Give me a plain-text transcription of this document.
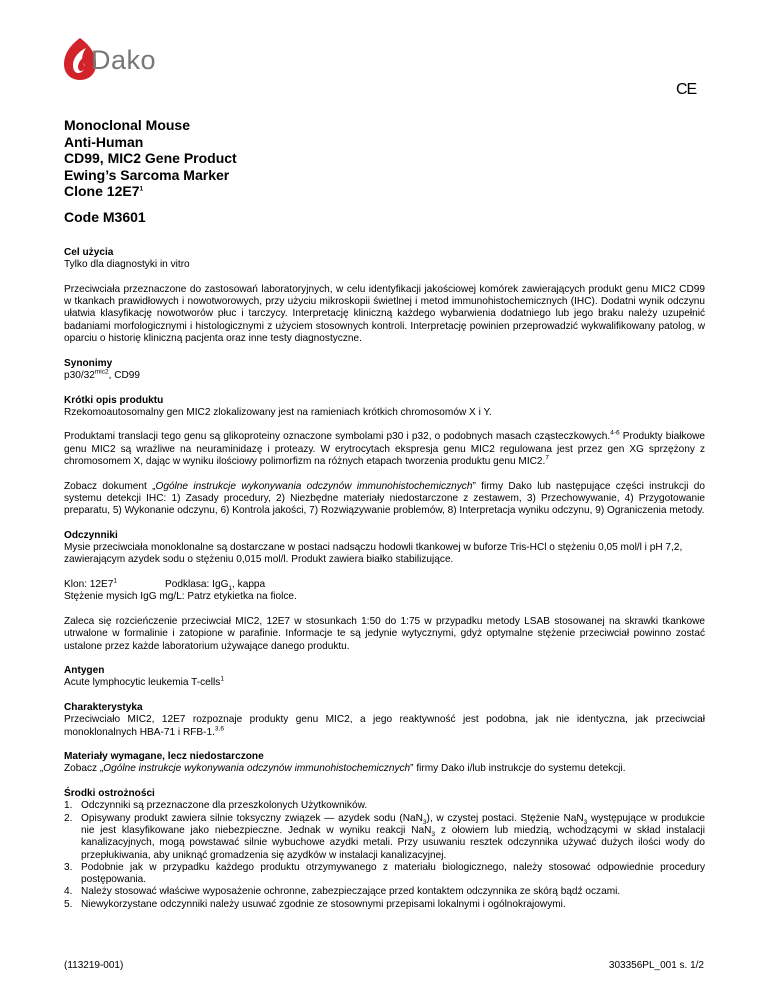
Dako
CE
Monoclonal Mouse
Anti-Human
CD99, MIC2 Gene Product
Ewing’s Sarcoma Marker
Clone $12E7^1$
Code M3601

Cel użycia

Tylko dla diagnostyki in vitro

Przeciwciała przeznaczone do zastosowań laboratoryjnych, w celu identyfikacji jakościowej komórek zawierających produkt genu MIC2 CD99 w tkankach prawidłowych i nowotworowych, przy użyciu mikroskopii świetlnej i metod immunohistochemicznych (IHC). Dodatni wynik odczynu ułatwia klasyfikację nowotworów płuc i tarczycy. Interpretację kliniczną każdego wybarwienia dodatniego lub jego braku należy uzupełnić badaniami morfologicznymi i histologicznymi z użyciem stosownych kontroli. Interpretację powinien przeprowadzić wykwalifikowany patolog, w oparciu o historię kliniczną pacjenta oraz inne testy diagnostyczne.

Synonimy

$p30/32^{mic2}$, CD99

Krótki opis produktu

Rzekomoautosomalny gen MIC2 zlokalizowany jest na ramieniach krótkich chromosomów X i Y.

Produktami translacji tego genu są glikoproteiny oznaczone symbolami p30 i p32, o podobnych masach cząsteczkowych.$^{4-6}$ Produkty białkowe genu MIC2 są wrażliwe na neuraminidazę i proteazy. W erytrocytach ekspresja genu MIC2 regulowana jest przez gen XG sprzężony z chromosomem X, dając w wyniku ilościowy polimorfizm na różnych etapach tworzenia produktu genu MIC2.$^7$

Zobacz dokument „Ogólne instrukcje wykonywania odczynów immunohistochemicznych” firmy Dako lub następujące części instrukcji do systemu detekcji IHC: 1) Zasady procedury, 2) Niezbędne materiały niedostarczone z zestawem, 3) Przechowywanie, 4) Przygotowanie preparatu, 5) Wykonanie odczynu, 6) Kontrola jakości, 7) Rozwiązywanie problemów, 8) Interpretacja wyniku odczynu, 9) Ograniczenia metody.

Odczynniki

Mysie przeciwciała monoklonalne są dostarczane w postaci nadsączu hodowli tkankowej w buforze Tris-HCl o stężeniu 0,05 mol/l i pH 7,2,

zawierającym azydek sodu o stężeniu 0,015 mol/l. Produkt zawiera białko stabilizujące.

Klon: $12E7^1$	Podklasa: IgG$_1$, kappa

Stężenie mysich IgG mg/L: Patrz etykietka na fiolce.

Zaleca się rozcieńczenie przeciwciał MIC2, 12E7 w stosunkach 1:50 do 1:75 w przypadku metody LSAB stosowanej na skrawki tkankowe utrwalone w formalinie i zatopione w parafinie. Informacje te są jedynie wytycznymi, gdyż optymalne stężenie przeciwciał powinno zostać ustalone przez każde laboratorium używające danego produktu.

Antygen

Acute lymphocytic leukemia T-cells$^1$

Charakterystyka

Przeciwciało MIC2, 12E7 rozpoznaje produkty genu MIC2, a jego reaktywność jest podobna, jak nie identyczna, jak przeciwciał monoklonalnych HBA-71 i RFB-1.$^{3,6}$

Materiały wymagane, lecz niedostarczone

Zobacz „Ogólne instrukcje wykonywania odczynów immunohistochemicznych” firmy Dako i/lub instrukcje do systemu detekcji.

Środki ostrożności

1. Odczynniki są przeznaczone dla przeszkolonych Użytkowników.
2. Opisywany produkt zawiera silnie toksyczny związek — azydek sodu (NaN$_3$), w czystej postaci. Stężenie NaN$_3$ występujące w produkcie nie jest klasyfikowane jako niebezpieczne. Jednak w wyniku reakcji NaN$_3$ z ołowiem lub miedzią, wchodzącymi w skład instalacji kanalizacyjnych, mogą powstawać silnie wybuchowe azydki metali. Przy usuwaniu resztek odczynnika używać dużych ilości wody do przepłukiwania, aby uniknąć gromadzenia się azydków w instalacji kanalizacyjnej.
3. Podobnie jak w przypadku każdego produktu otrzymywanego z materiału biologicznego, należy stosować odpowiednie procedury postępowania.
4. Należy stosować właściwe wyposażenie ochronne, zabezpieczające przed kontaktem odczynnika ze skórą bądź oczami.
5. Niewykorzystane odczynniki należy usuwać zgodnie ze stosownymi przepisami lokalnymi i ogólnokrajowymi.
(113219-001)	303356PL_001 s. 1/2
